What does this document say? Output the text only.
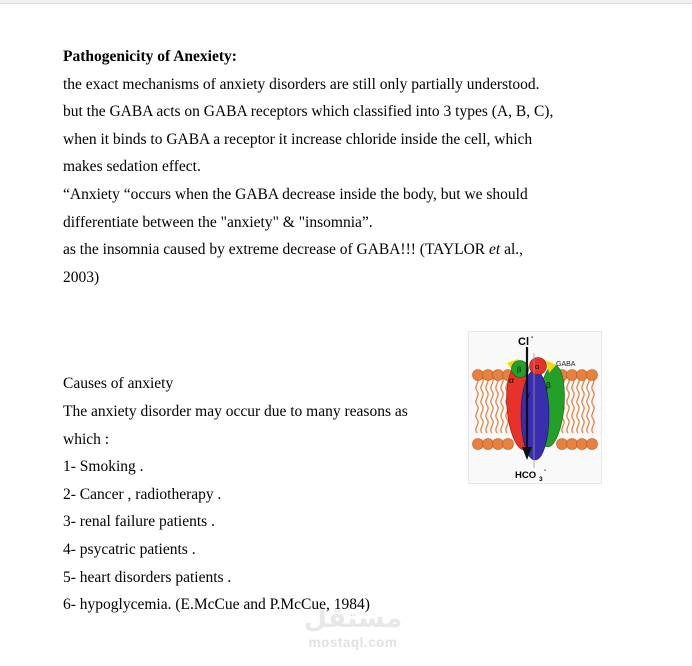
Pathogenicity of Anexiety:
the exact mechanisms of anxiety disorders are still only partially understood.
but the GABA acts on GABA receptors which classified into 3 types (A, B, C),
when it binds to GABA a receptor it increase chloride inside the cell, which
makes sedation effect.
“Anxiety “occurs when the GABA decrease inside the body, but we should
differentiate between the "anxiety" & "insomnia”.
as the insomnia caused by extreme decrease of GABA!!! (TAYLOR et al.,
2003)
Causes of anxiety
The anxiety disorder may occur due to many reasons as
which :
1- Smoking .
2- Cancer , radiotherapy .
3- renal failure patients .
4- psycatric patients .
5- heart disorders patients .
6- hypoglycemia. (E.McCue and P.McCue, 1984)
Cl -
β α GABA
α
γ
β
HCO 3
-
مستقل
mostaql.com
